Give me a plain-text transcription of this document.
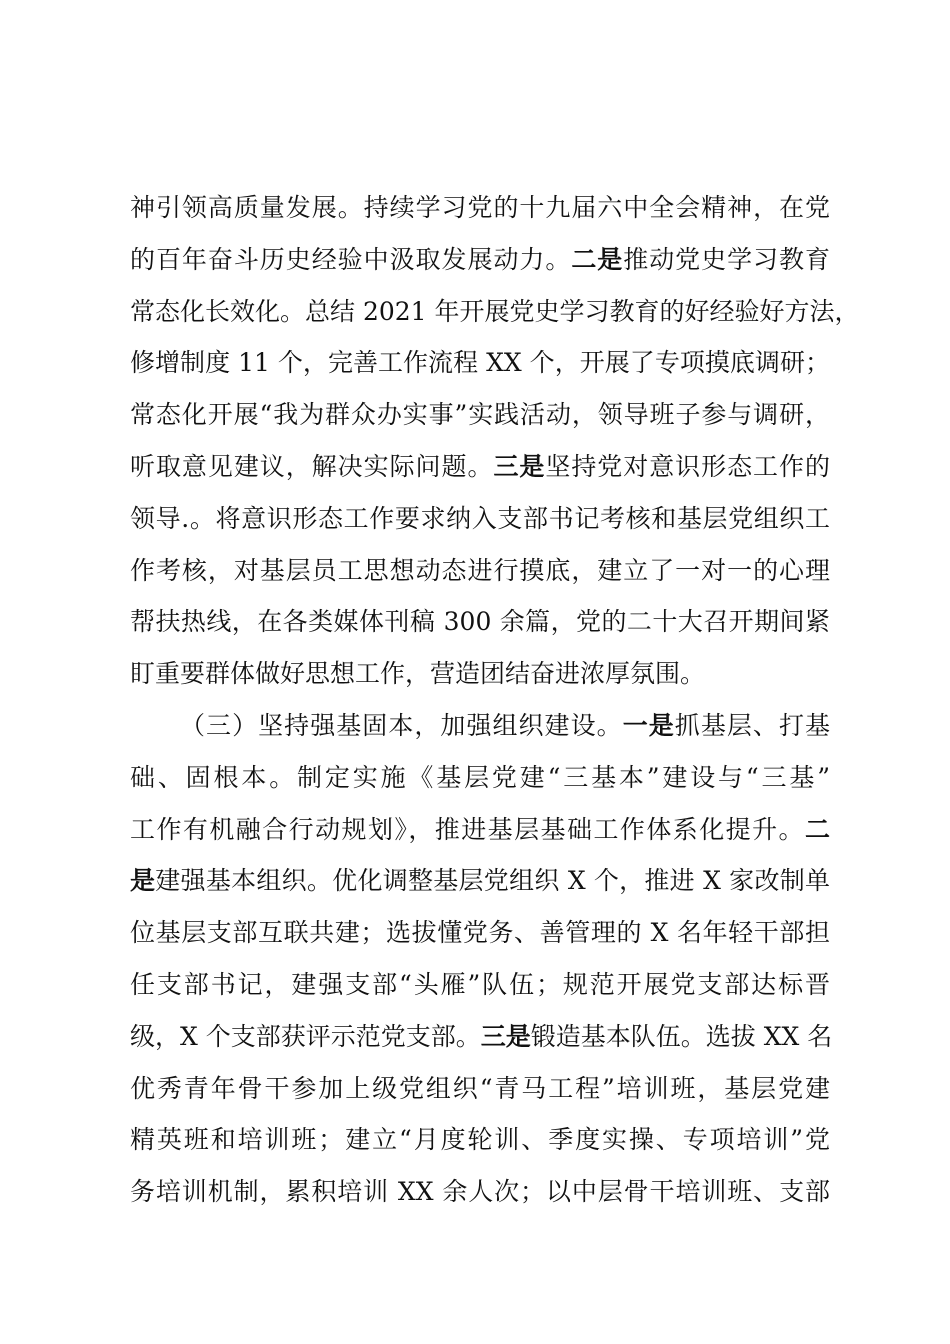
神引领高质量发展。持续学习党的十九届六中全会精神，在党
的百年奋斗历史经验中汲取发展动力。二是推动党史学习教育
常态化长效化。总结 2021 年开展党史学习教育的好经验好方法，
修增制度 11 个，完善工作流程 XX 个，开展了专项摸底调研；
常态化开展“我为群众办实事”实践活动，领导班子参与调研，
听取意见建议，解决实际问题。三是坚持党对意识形态工作的
领导.。将意识形态工作要求纳入支部书记考核和基层党组织工
作考核，对基层员工思想动态进行摸底，建立了一对一的心理
帮扶热线，在各类媒体刊稿 300 余篇，党的二十大召开期间紧
盯重要群体做好思想工作，营造团结奋进浓厚氛围。
（三）坚持强基固本，加强组织建设。一是抓基层、打基
础、固根本。制定实施《基层党建“三基本”建设与“三基”
工作有机融合行动规划》，推进基层基础工作体系化提升。二
是建强基本组织。优化调整基层党组织 X 个，推进 X 家改制单
位基层支部互联共建；选拔懂党务、善管理的 X 名年轻干部担
任支部书记，建强支部“头雁”队伍；规范开展党支部达标晋
级，X 个支部获评示范党支部。三是锻造基本队伍。选拔 XX 名
优秀青年骨干参加上级党组织“青马工程”培训班，基层党建
精英班和培训班；建立“月度轮训、季度实操、专项培训”党
务培训机制，累积培训 XX 余人次；以中层骨干培训班、支部
